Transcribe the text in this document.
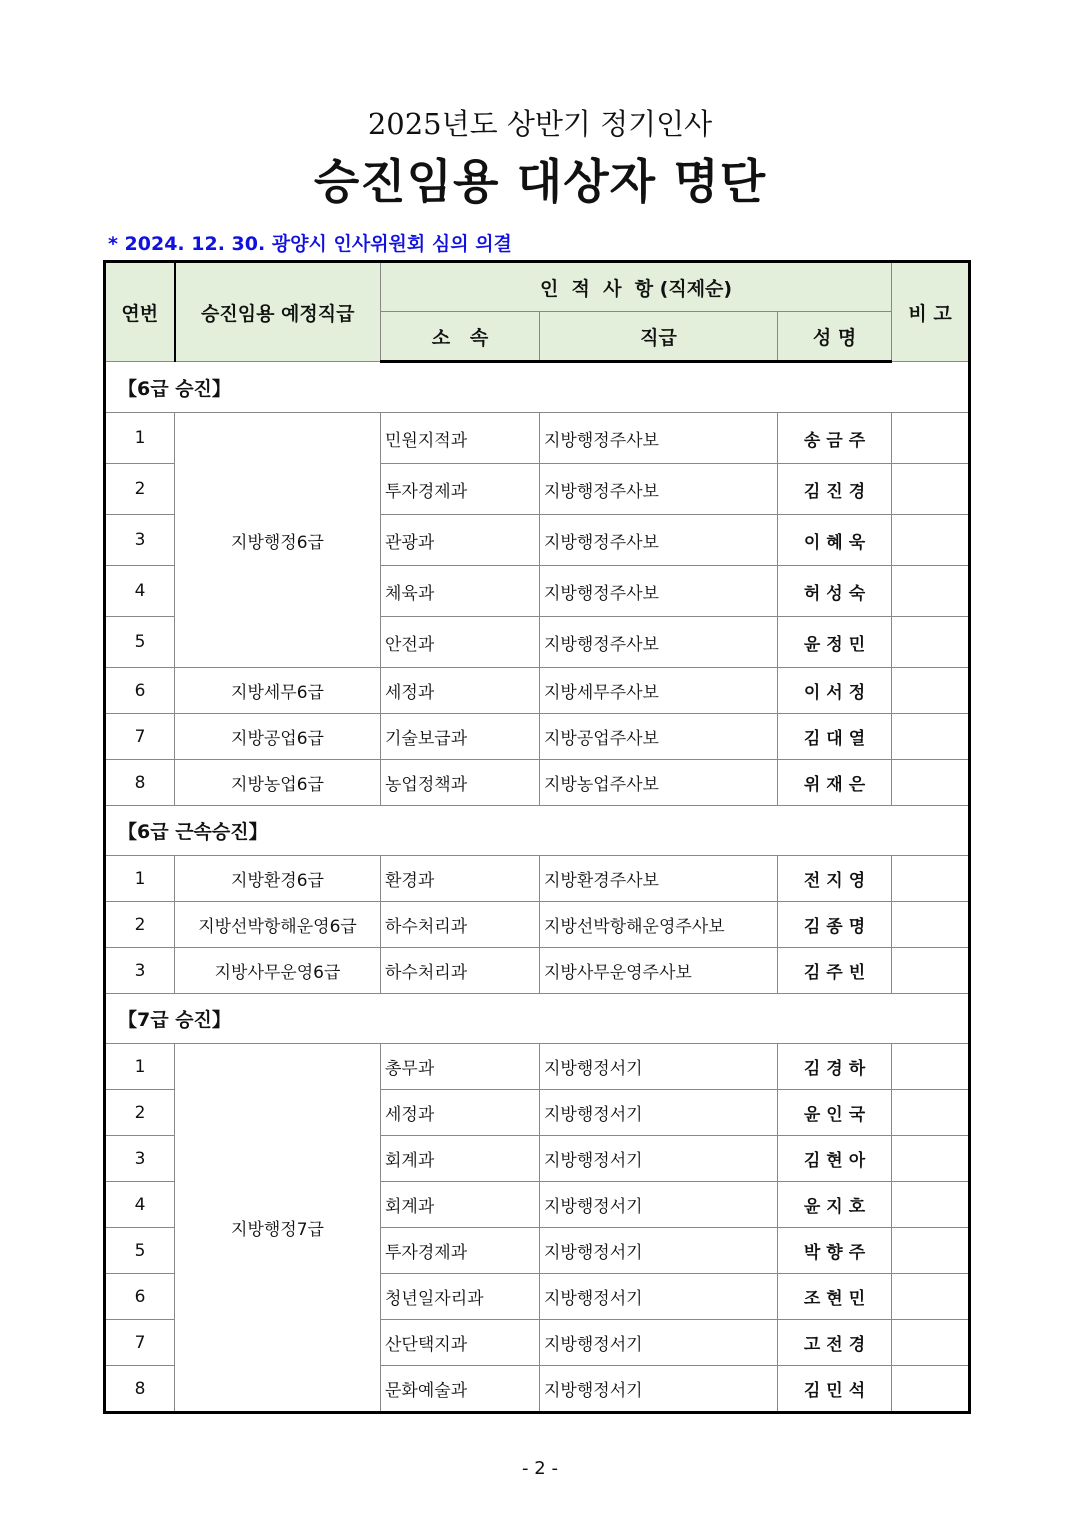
2025년도 상반기 정기인사
승진임용 대상자 명단
* 2024. 12. 30. 광양시 인사위원회 심의 의결
연번	승진임용 예정직급	인  적  사  항 (직제순)			비 고
		소   속	직급	성 명	
【6급 승진】					
1	지방행정6급	민원지적과	지방행정주사보	송금주	
2		투자경제과	지방행정주사보	김진경	
3		관광과	지방행정주사보	이혜욱	
4		체육과	지방행정주사보	허성숙	
5		안전과	지방행정주사보	윤정민	
6	지방세무6급	세정과	지방세무주사보	이서정	
7	지방공업6급	기술보급과	지방공업주사보	김대열	
8	지방농업6급	농업정책과	지방농업주사보	위재은	
【6급 근속승진】					
1	지방환경6급	환경과	지방환경주사보	전지영	
2	지방선박항해운영6급	하수처리과	지방선박항해운영주사보	김종명	
3	지방사무운영6급	하수처리과	지방사무운영주사보	김주빈	
【7급 승진】					
1	지방행정7급	총무과	지방행정서기	김경하	
2		세정과	지방행정서기	윤인국	
3		회계과	지방행정서기	김현아	
4		회계과	지방행정서기	윤지호	
5		투자경제과	지방행정서기	박향주	
6		청년일자리과	지방행정서기	조현민	
7		산단택지과	지방행정서기	고전경	
8		문화예술과	지방행정서기	김민석	
- 2 -
